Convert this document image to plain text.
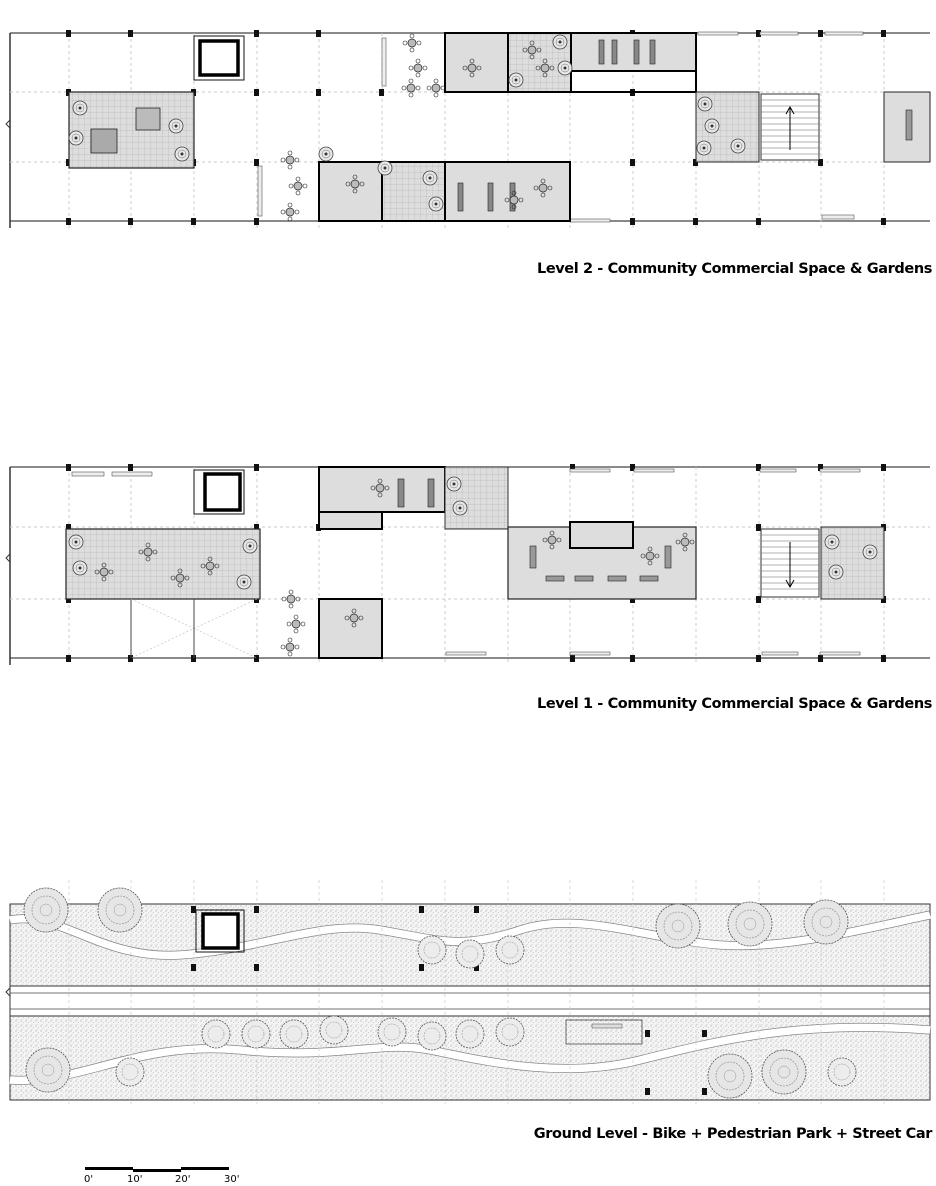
Level 2 - Community Commercial Space & Gardens
Level 1 - Community Commercial Space & Gardens
Ground Level - Bike + Pedestrian Park + Street Car
0'	10'	20'	30'
